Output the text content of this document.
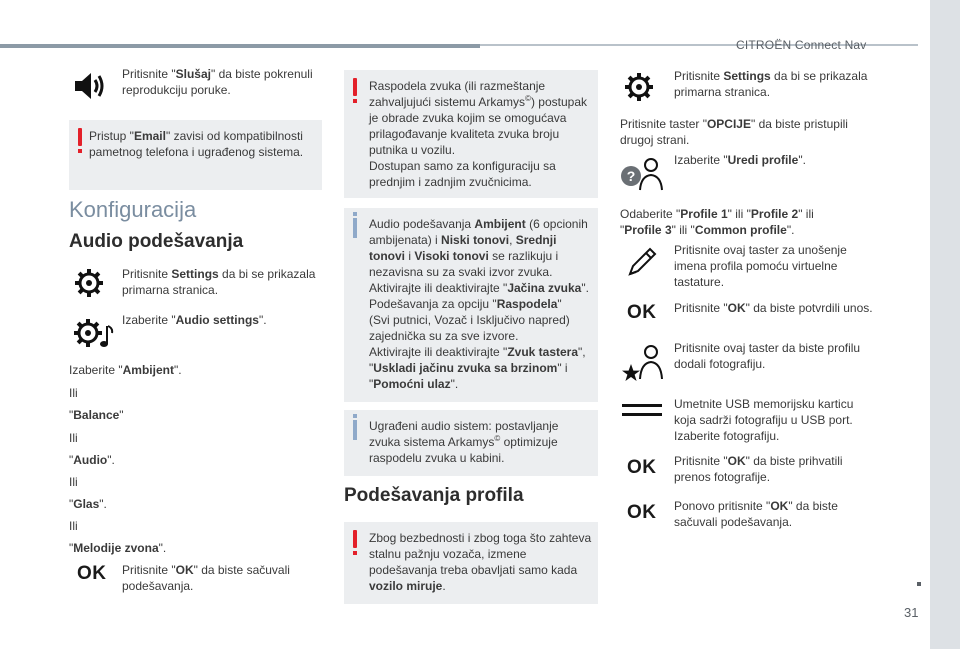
CITROËN Connect Nav
31
Pritisnite "Slušaj" da biste pokrenuli reprodukciju poruke.
Pristup "Email" zavisi od kompatibilnosti pametnog telefona i ugrađenog sistema.
Konfiguracija
Audio podešavanja
Pritisnite Settings da bi se prikazala primarna stranica.
Izaberite "Audio settings".
Izaberite "Ambijent".
Ili
"Balance"
Ili
"Audio".
Ili
"Glas".
Ili
"Melodije zvona".
OK Pritisnite "OK" da biste sačuvali podešavanja.
Raspodela zvuka (ili razmeštanje
zahvaljujući sistemu Arkamys©) postupak je obrade zvuka kojim se omogućava prilagođavanje kvaliteta zvuka broju putnika u vozilu.
Dostupan samo za konfiguraciju sa prednjim i zadnjim zvučnicima.
Audio podešavanja Ambijent (6 opcionih ambijenata) i Niski tonovi, Srednji tonovi i Visoki tonovi se razlikuju i nezavisna su za svaki izvor zvuka.
Aktivirajte ili deaktivirajte "Jačina zvuka".
Podešavanja za opciju "Raspodela"
(Svi putnici, Vozač i Isključivo napred) zajednička su za sve izvore.
Aktivirajte ili deaktivirajte "Zvuk tastera",
"Uskladi jačinu zvuka sa brzinom" i
"Pomoćni ulaz".
Ugrađeni audio sistem: postavljanje zvuka sistema Arkamys© optimizuje raspodelu zvuka u kabini.
Podešavanja profila
Zbog bezbednosti i zbog toga što zahteva stalnu pažnju vozača, izmene podešavanja treba obavljati samo kada vozilo miruje.
Pritisnite Settings da bi se prikazala primarna stranica.
Pritisnite taster "OPCIJE" da biste pristupili drugoj strani.
?
Izaberite "Uredi profile".
Odaberite "Profile 1" ili "Profile 2" ili
"Profile 3" ili "Common profile".
Pritisnite ovaj taster za unošenje imena profila pomoću virtuelne tastature.
OK Pritisnite "OK" da biste potvrdili unos.
Pritisnite ovaj taster da biste profilu dodali fotografiju.
Umetnite USB memorijsku karticu koja sadrži fotografiju u USB port. Izaberite fotografiju.
OK Pritisnite "OK" da biste prihvatili prenos fotografije.
OK Ponovo pritisnite "OK" da biste sačuvali podešavanja.
